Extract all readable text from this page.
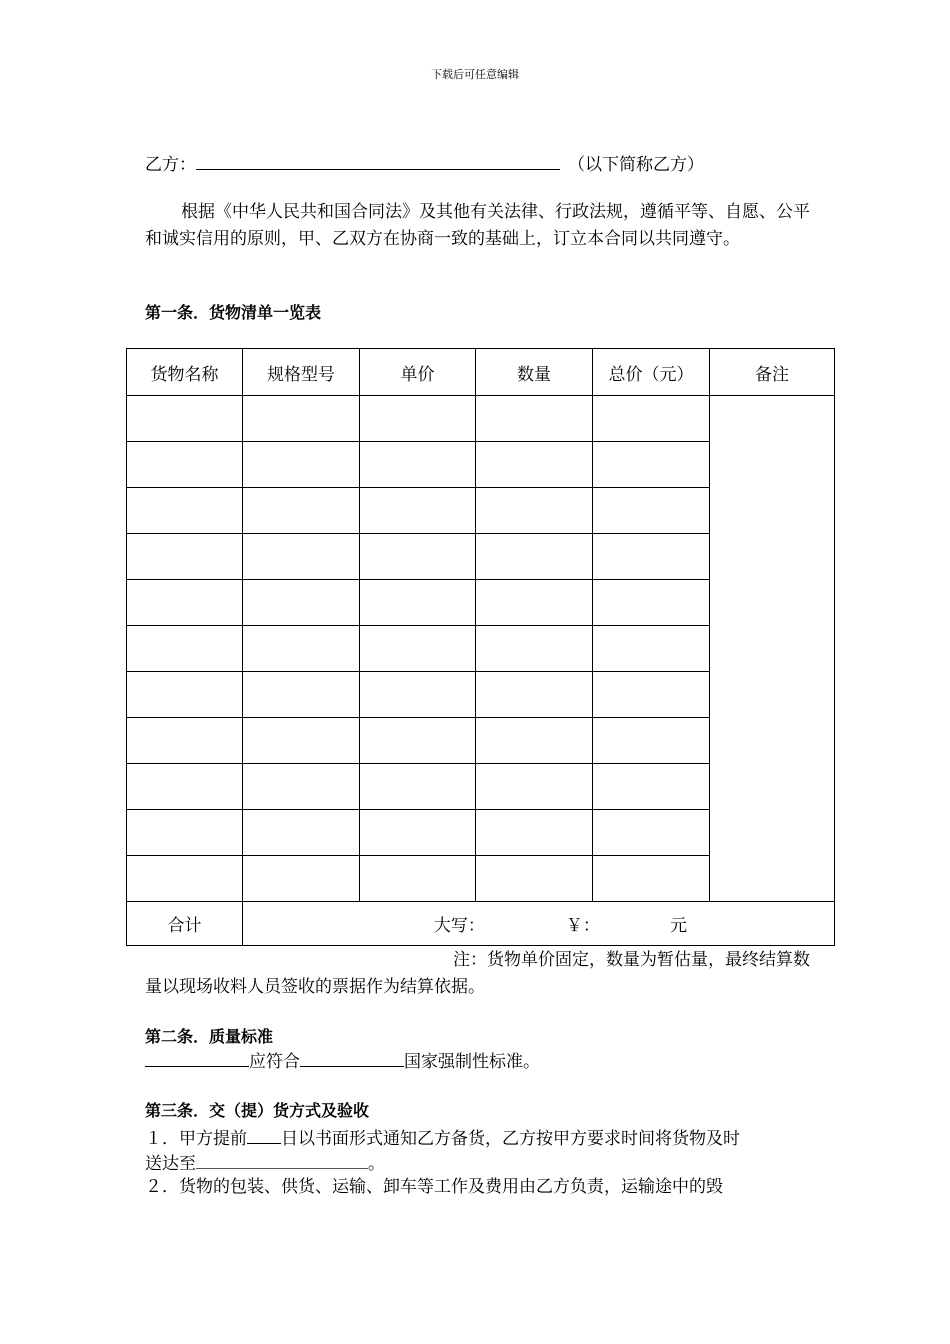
下载后可任意编辑
乙方：	（以下简称乙方）
根据《中华人民共和国合同法》及其他有关法律、行政法规，遵循平等、自愿、公平和诚实信用的原则，甲、乙双方在协商一致的基础上，订立本合同以共同遵守。
第一条．货物清单一览表
货物名称	规格型号	单价	数量	总价（元）	备注

合计	大写：               ￥：             元				
注：货物单价固定，数量为暂估量，最终结算数量以现场收料人员签收的票据作为结算依据。
第二条．质量标准
应符合	国家强制性标准。
第三条．交（提）货方式及验收
１．甲方提前 日以书面形式通知乙方备货，乙方按甲方要求时间将货物及时
送达至	。
２．货物的包装、供货、运输、卸车等工作及费用由乙方负责，运输途中的毁
